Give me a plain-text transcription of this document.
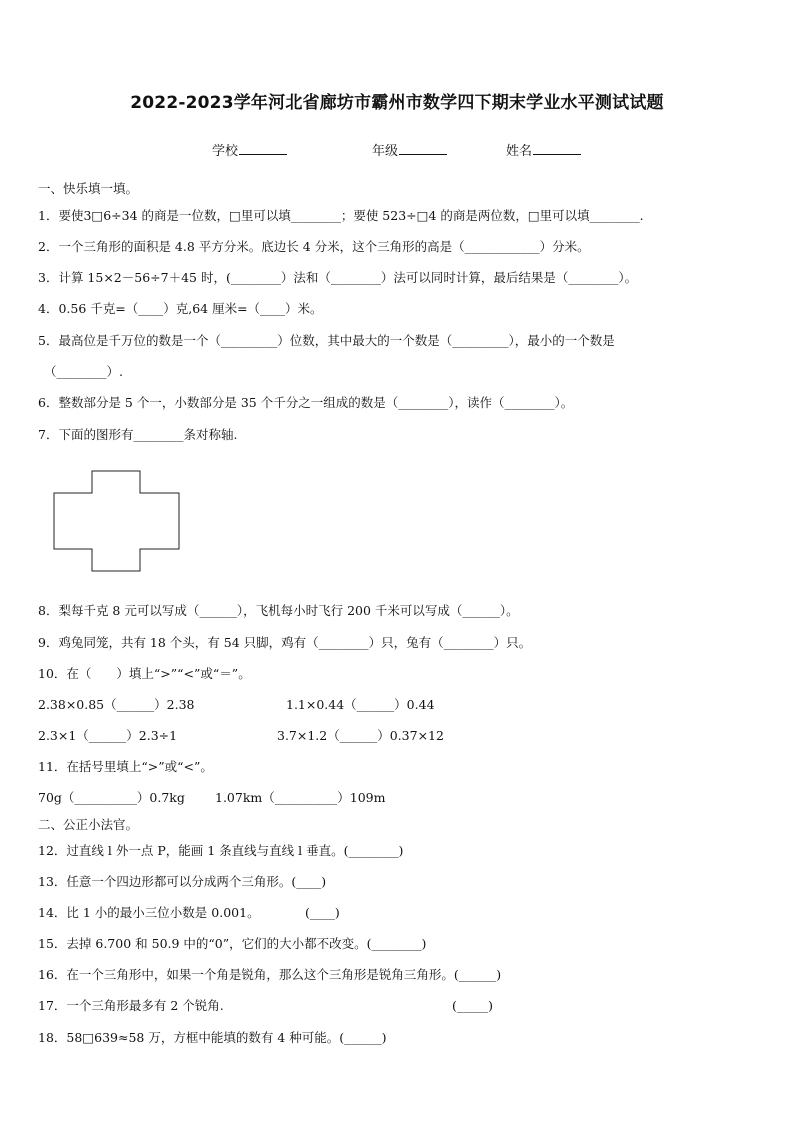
2022-2023学年河北省廊坊市霸州市数学四下期末学业水平测试试题
学校	年级	姓名
一、快乐填一填。
1．要使3□6÷34 的商是一位数，□里可以填________；要使 523÷□4 的商是两位数，□里可以填________.
2．一个三角形的面积是 4.8 平方分米。底边长 4 分米，这个三角形的高是（____________）分米。
3．计算 15×2－56÷7＋45 时，(________）法和（________）法可以同时计算，最后结果是（________）。
4．0.56 千克=（____）克,64 厘米=（____）米。
5．最高位是千万位的数是一个（_________）位数，其中最大的一个数是（_________），最小的一个数是
（________）.
6．整数部分是 5 个一，小数部分是 35 个千分之一组成的数是（________），读作（________）。
7．下面的图形有________条对称轴.
8．梨每千克 8 元可以写成（______），飞机每小时飞行 200 千米可以写成（______）。
9．鸡兔同笼，共有 18 个头，有 54 只脚，鸡有（________）只，兔有（________）只。
10．在（　　）填上“>”“<”或“＝”。
2.38×0.85（______）2.38	1.1×0.44（______）0.44
2.3×1（______）2.3÷1	3.7×1.2（______）0.37×12
11．在括号里填上“>”或“<”。
70g（__________）0.7kg 1.07km（__________）109m
二、公正小法官。
12．过直线 l 外一点 P，能画 1 条直线与直线 l 垂直。(________)
13．任意一个四边形都可以分成两个三角形。(____)
14．比 1 小的最小三位小数是 0.001。	(____)
15．去掉 6.700 和 50.9 中的“0”，它们的大小都不改变。(________)
16．在一个三角形中，如果一个角是锐角，那么这个三角形是锐角三角形。(______)
17．一个三角形最多有 2 个锐角.	(_____)
18．58□639≈58 万，方框中能填的数有 4 种可能。(______)
